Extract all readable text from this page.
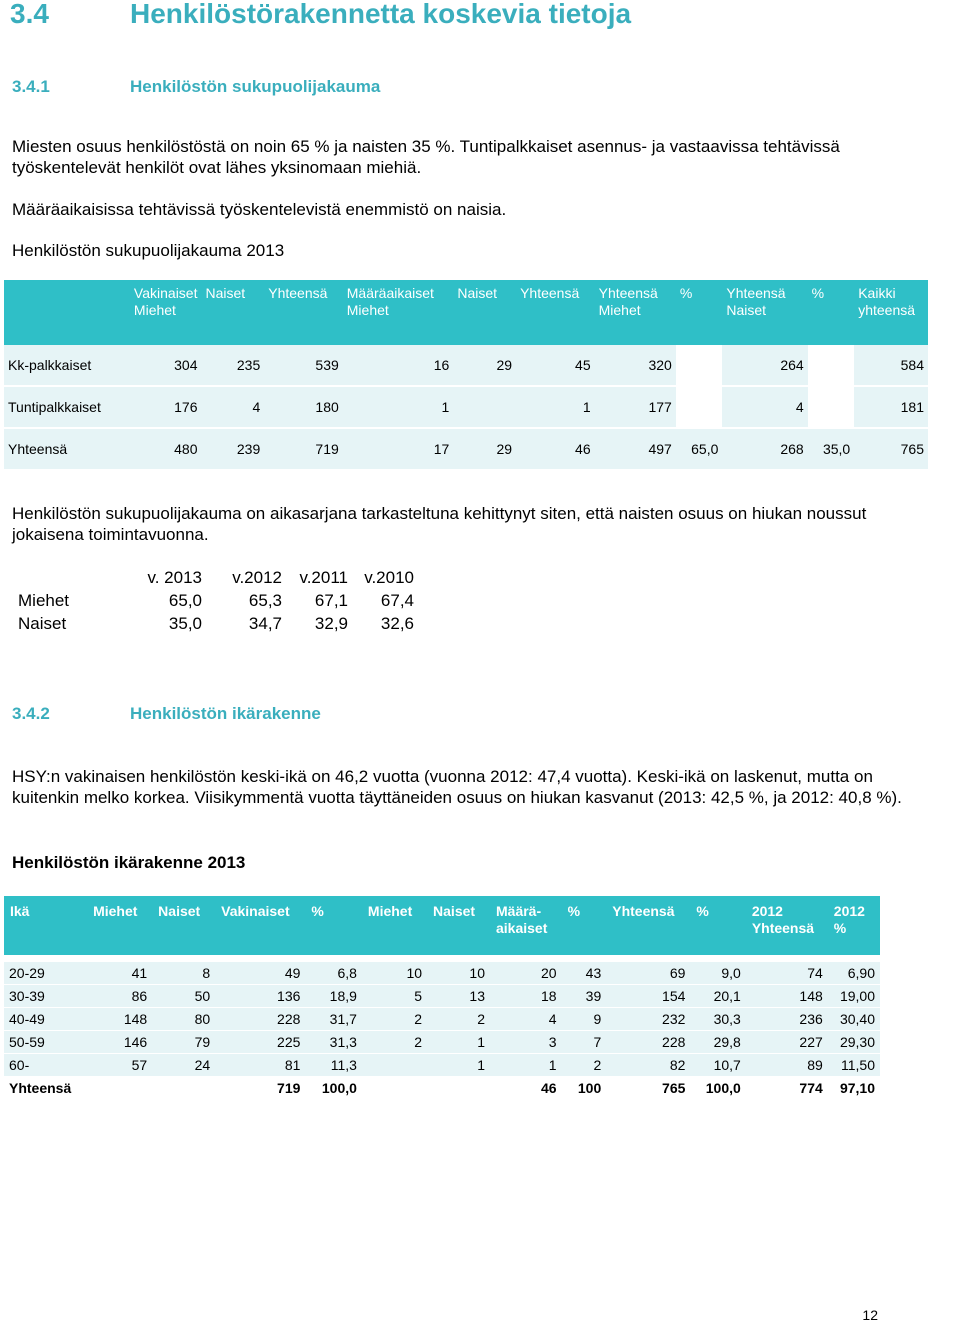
3.4	Henkilöstörakennetta koskevia tietoja
3.4.1	Henkilöstön sukupuolijakauma
Miesten osuus henkilöstöstä on noin 65 % ja naisten 35 %. Tuntipalkkaiset asennus- ja vastaavissa tehtävissä työskentelevät henkilöt ovat lähes yksinomaan miehiä.
Määräaikaisissa tehtävissä työskentelevistä enemmistö on naisia.
Henkilöstön sukupuolijakauma 2013
	Vakinaiset Miehet	Naiset	Yhteensä	Määräaikaiset Miehet	Naiset	Yhteensä	Yhteensä Miehet	%	Yhteensä Naiset	%	Kaikki yhteensä
Kk-palkkaiset	304	235	539	16	29	45	320		264		584
Tuntipalkkaiset	176	4	180	1		1	177		4		181
Yhteensä	480	239	719	17	29	46	497	65,0	268	35,0	765
Henkilöstön sukupuolijakauma on aikasarjana tarkasteltuna kehittynyt siten, että naisten osuus on hiukan noussut jokaisena toimintavuonna.
	v. 2013	v.2012	v.2011	v.2010
Miehet	65,0	65,3	67,1	67,4
Naiset	35,0	34,7	32,9	32,6
3.4.2	Henkilöstön ikärakenne
HSY:n vakinaisen henkilöstön keski-ikä on 46,2 vuotta (vuonna 2012: 47,4 vuotta). Keski-ikä on laskenut, mutta on kuitenkin melko korkea. Viisikymmentä vuotta täyttäneiden osuus on hiukan kasvanut (2013: 42,5 %, ja 2012: 40,8 %).
Henkilöstön ikärakenne 2013
Ikä	Miehet	Naiset	Vakinaiset	%	Miehet	Naiset	Määrä-aikaiset	%	Yhteensä	%	2012 Yhteensä	2012 %

20-29	41	8	49	6,8	10	10	20	43	69	9,0	74	6,90
30-39	86	50	136	18,9	5	13	18	39	154	20,1	148	19,00
40-49	148	80	228	31,7	2	2	4	9	232	30,3	236	30,40
50-59	146	79	225	31,3	2	1	3	7	228	29,8	227	29,30
60-	57	24	81	11,3		1	1	2	82	10,7	89	11,50
Yhteensä			719	100,0			46	100	765	100,0	774	97,10
12
